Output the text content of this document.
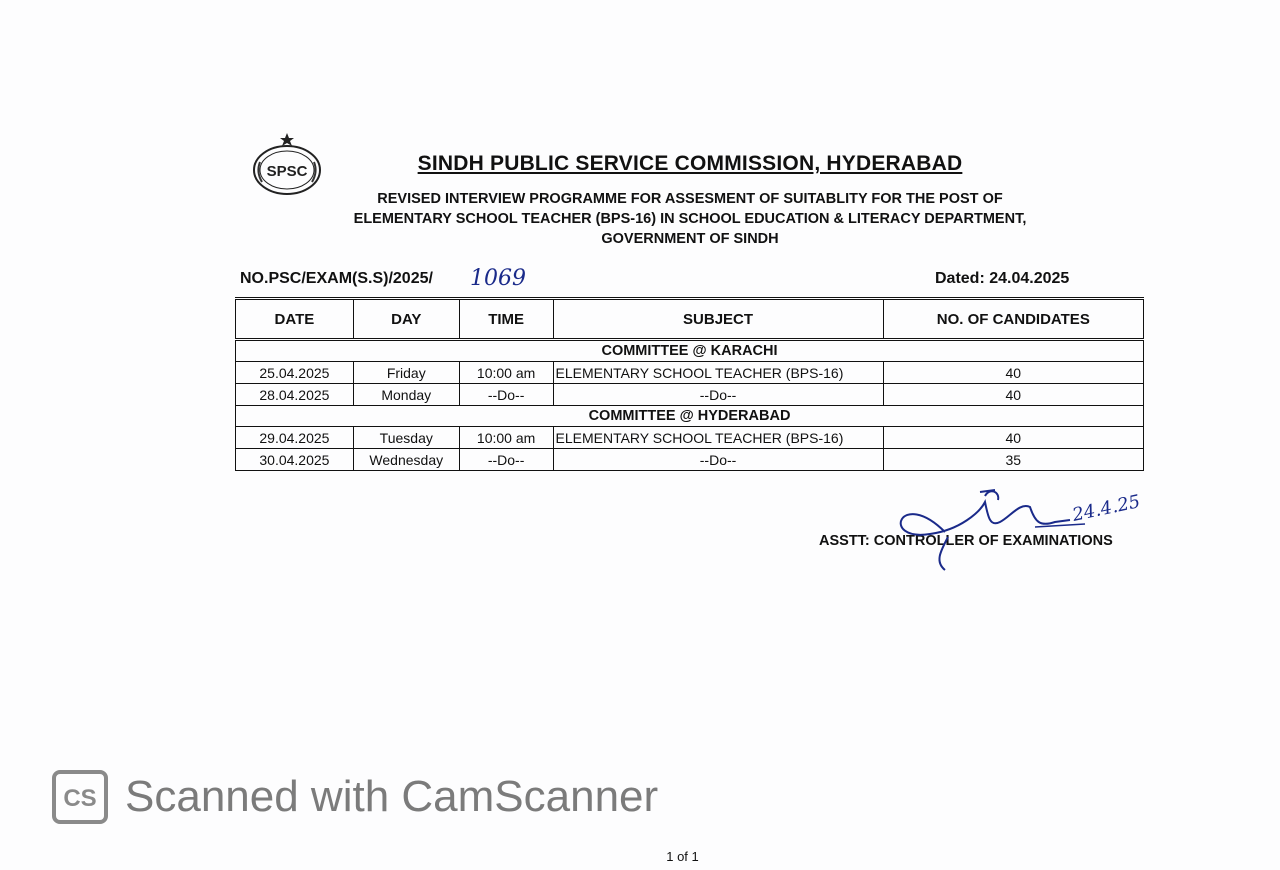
SPSC	SINDH PUBLIC SERVICE COMMISSION, HYDERABAD
REVISED INTERVIEW PROGRAMME FOR ASSESMENT OF SUITABLITY FOR THE POST OF
ELEMENTARY SCHOOL TEACHER (BPS-16) IN SCHOOL EDUCATION & LITERACY DEPARTMENT,
GOVERNMENT OF SINDH
NO.PSC/EXAM(S.S)/2025/ 1069	Dated: 24.04.2025
DATE	DAY	TIME	SUBJECT	NO. OF CANDIDATES
COMMITTEE @ KARACHI				
25.04.2025	Friday	10:00 am	ELEMENTARY SCHOOL TEACHER (BPS-16)	40
28.04.2025	Monday	--Do--	--Do--	40
COMMITTEE @ HYDERABAD				
29.04.2025	Tuesday	10:00 am	ELEMENTARY SCHOOL TEACHER (BPS-16)	40
30.04.2025	Wednesday	--Do--	--Do--	35
ASSTT: CONTROLLER OF EXAMINATIONS
24.4.25
CS Scanned with CamScanner
1 of 1
